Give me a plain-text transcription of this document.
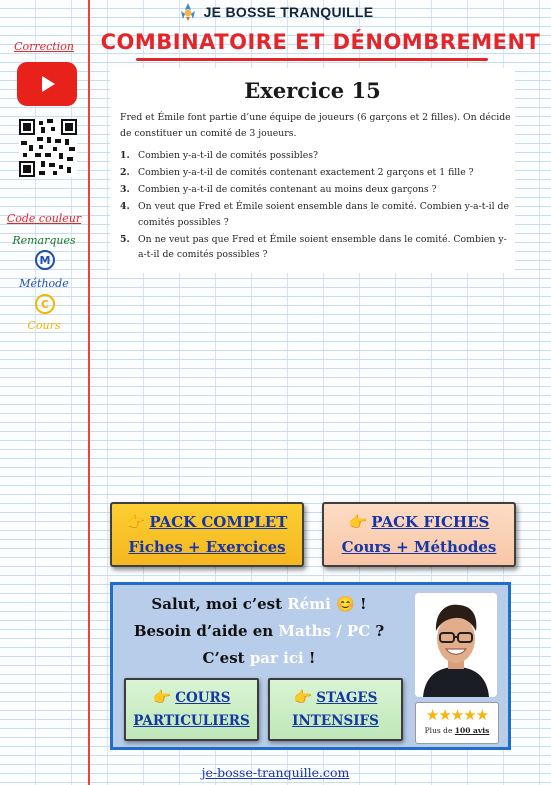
JE BOSSE TRANQUILLE
COMBINATOIRE ET DÉNOMBREMENT
Correction
Code couleur
Remarques
M
Méthode
C
Cours
Exercice 15
Fred et Émile font partie d’une équipe de joueurs (6 garçons et 2 filles). On décide de constituer un comité de 3 joueurs.
1. Combien y-a-t-il de comités possibles?
2. Combien y-a-t-il de comités contenant exactement 2 garçons et 1 fille ?
3. Combien y-a-t-il de comités contenant au moins deux garçons ?
4. On veut que Fred et Émile soient ensemble dans le comité. Combien y-a-t-il de comités possibles ?
5. On ne veut pas que Fred et Émile soient ensemble dans le comité. Combien y-a-t-il de comités possibles ?
👉 PACK COMPLET
Fiches + Exercices
👉 PACK FICHES
Cours + Méthodes
Salut, moi c’est Rémi 😊 !
Besoin d’aide en Maths / PC ?
C’est par ici !
👉 COURS
PARTICULIERS
👉 STAGES
INTENSIFS	★★★★★
Plus de 100 avis
je-bosse-tranquille.com
